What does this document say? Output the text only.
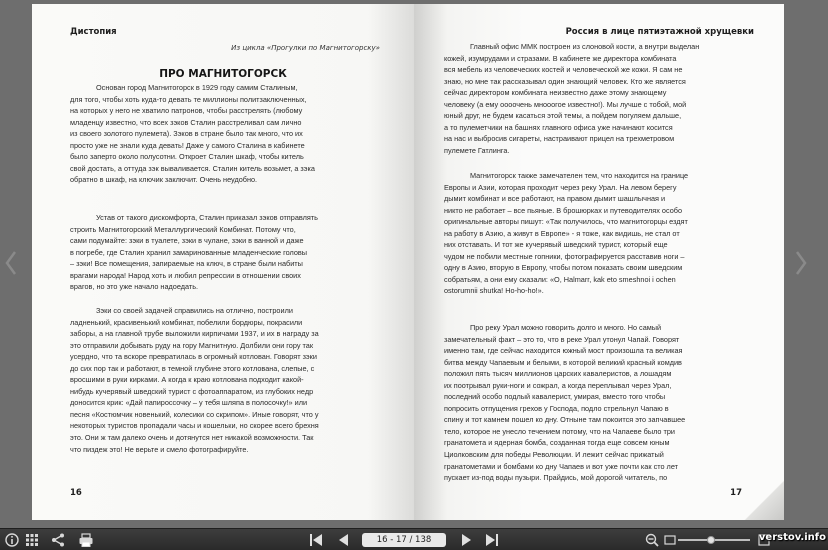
Дистопия
Из цикла «Прогулки по Магнитогорску»
ПРО МАГНИТОГОРСК
Основан город Магнитогорск в 1929 году самим Сталиным,
для того, чтобы хоть куда-то девать те миллионы политзаключенных,
на которых у него не хватило патронов, чтобы расстрелять (любому
младенцу известно, что всех зэков Сталин расстреливал сам лично
из своего золотого пулемета). Зэков в стране было так много, что их
просто уже не знали куда девать! Даже у самого Сталина в кабинете
было заперто около полусотни. Откроет Сталин шкаф, чтобы китель
свой достать, а оттуда зэк вываливается. Сталин китель возьмет, а зэка
обратно в шкаф, на ключик заключит. Очень неудобно.
Устав от такого дискомфорта, Сталин приказал зэков отправлять
строить Магнитогорский Металлургический Комбинат. Потому что,
сами подумайте: зэки в туалете, зэки в чулане, зэки в ванной и даже
в погребе, где Сталин хранил замаринованные младенческие головы
– зэки! Все помещения, запираемые на ключ, в стране были набиты
врагами народа! Народ хоть и любил репрессии в отношении своих
врагов, но это уже начало надоедать.
Зэки со своей задачей справились на отлично, построили
ладненький, красивенький комбинат, побелили бордюры, покрасили
заборы, а на главной трубе выложили кирпичами 1937, и их в награду за
это отправили добывать руду на гору Магнитную. Долбили они гору так
усердно, что та вскоре превратилась в огромный котлован. Говорят зэки
до сих пор так и работают, в темной глубине этого котлована, слепые, с
вросшими в руки кирками. А когда к краю котлована подходит какой-
нибудь кучерявый шведский турист с фотоаппаратом, из глубоких недр
доносится крик: «Дай папироссочку – у тебя шляпа в полосочку!» или
песня «Костюмчик новенький, колесики со скрипом». Иные говорят, что у
некоторых туристов пропадали часы и кошельки, но скорее всего брехня
это. Они ж там далеко очень и дотянутся нет никакой возможности. Так
что пиздеж это! Не верьте и смело фотографируйте.
16
Россия в лице пятиэтажной хрущевки
Главный офис ММК построен из слоновой кости, а внутри выделан
кожей, изумрудами и стразами. В кабинете же директора комбината
вся мебель из человеческих костей и человеческой же кожи. Я сам не
знаю, но мне так рассказывал один знающий человек. Кто же является
сейчас директором комбината неизвестно даже этому знающему
человеку (а ему оооочень мнооогое известно!). Мы лучше с тобой, мой
юный друг, не будем касаться этой темы, а пойдем погуляем дальше,
а то пулеметчики на башнях главного офиса уже начинают косится
на нас и выбросив сигареты, настраивают прицел на трехметровом
пулемете Гатлинга.
Магнитогорск также замечателен тем, что находится на границе
Европы и Азии, которая проходит через реку Урал. На левом берегу
дымит комбинат и все работают, на правом дымит шашлычная и
никто не работает – все пьяные. В брошюрках и путеводителях особо
оригинальные авторы пишут: «Так получилось, что магнитогорцы ездят
на работу в Азию, а живут в Европе» - я тоже, как видишь, не стал от
них отставать. И тот же кучерявый шведский турист, который еще
чудом не побили местные гопники, фотографируется расставив ноги –
одну в Азию, вторую в Европу, чтобы потом показать своим шведским
собратьям, а они ему сказали: «O, Halmarr, kak eto smeshnoi i ochen
ostorumnii shutka! Ho-ho-ho!».
Про реку Урал можно говорить долго и много. Но самый
замечательный факт – это то, что в реке Урал утонул Чапай. Говорят
именно там, где сейчас находится южный мост произошла та великая
битва между Чапаевым и белыми, в которой великий красный комдив
положил пять тысяч миллионов царских кавалеристов, а лошадям
их поотрывал руки-ноги и сожрал, а когда переплывал через Урал,
последний особо подлый кавалерист, умирая, вместо того чтобы
попросить отпущения грехов у Господа, подло стрельнул Чапаю в
спину и тот камнем пошел ко дну. Отныне там покоится это запчавшее
тело, которое не унесло течением потому, что на Чапаеве было три
гранатомета и ядерная бомба, созданная тогда еще совсем юным
Циолковским для победы Революции. И лежит сейчас прижатый
гранатометами и бомбами ко дну Чапаев и вот уже почти как сто лет
пускает из-под воды пузыри. Прайдись, мой дорогой читатель, по
17
16 - 17 / 138	verstov.info
